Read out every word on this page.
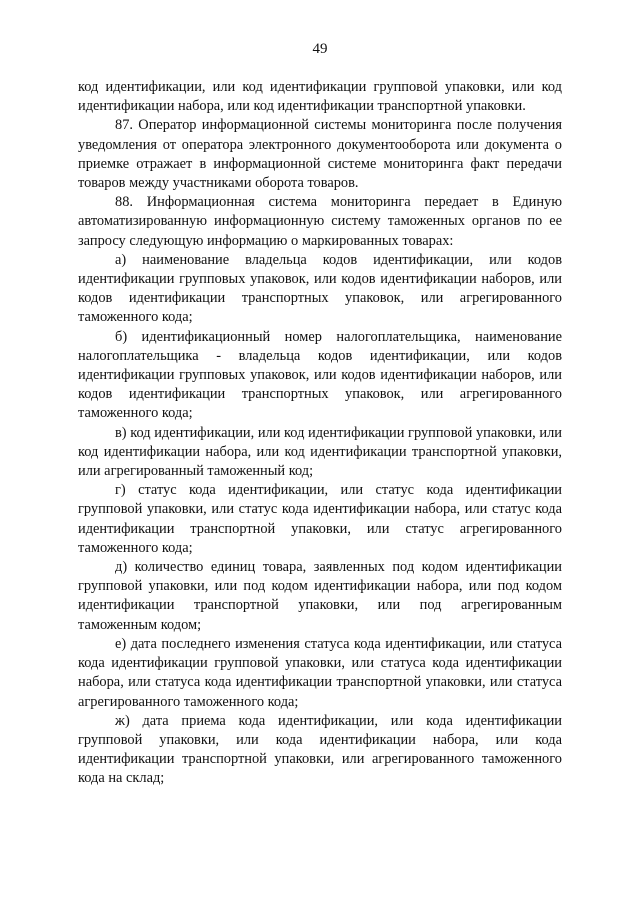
49

код идентификации, или код идентификации групповой упаковки, или код идентификации набора, или код идентификации транспортной упаковки.

87. Оператор информационной системы мониторинга после получения уведомления от оператора электронного документооборота или документа о приемке отражает в информационной системе мониторинга факт передачи товаров между участниками оборота товаров.

88. Информационная система мониторинга передает в Единую автоматизированную информационную систему таможенных органов по ее запросу следующую информацию о маркированных товарах:

а) наименование владельца кодов идентификации, или кодов идентификации групповых упаковок, или кодов идентификации наборов, или кодов идентификации транспортных упаковок, или агрегированного таможенного кода;

б) идентификационный номер налогоплательщика, наименование налогоплательщика - владельца кодов идентификации, или кодов идентификации групповых упаковок, или кодов идентификации наборов, или кодов идентификации транспортных упаковок, или агрегированного таможенного кода;

в) код идентификации, или код идентификации групповой упаковки, или код идентификации набора, или код идентификации транспортной упаковки, или агрегированный таможенный код;

г) статус кода идентификации, или статус кода идентификации групповой упаковки, или статус кода идентификации набора, или статус кода идентификации транспортной упаковки, или статус агрегированного таможенного кода;

д) количество единиц товара, заявленных под кодом идентификации групповой упаковки, или под кодом идентификации набора, или под кодом идентификации транспортной упаковки, или под агрегированным таможенным кодом;

е) дата последнего изменения статуса кода идентификации, или статуса кода идентификации групповой упаковки, или статуса кода идентификации набора, или статуса кода идентификации транспортной упаковки, или статуса агрегированного таможенного кода;

ж) дата приема кода идентификации, или кода идентификации групповой упаковки, или кода идентификации набора, или кода идентификации транспортной упаковки, или агрегированного таможенного кода на склад;
